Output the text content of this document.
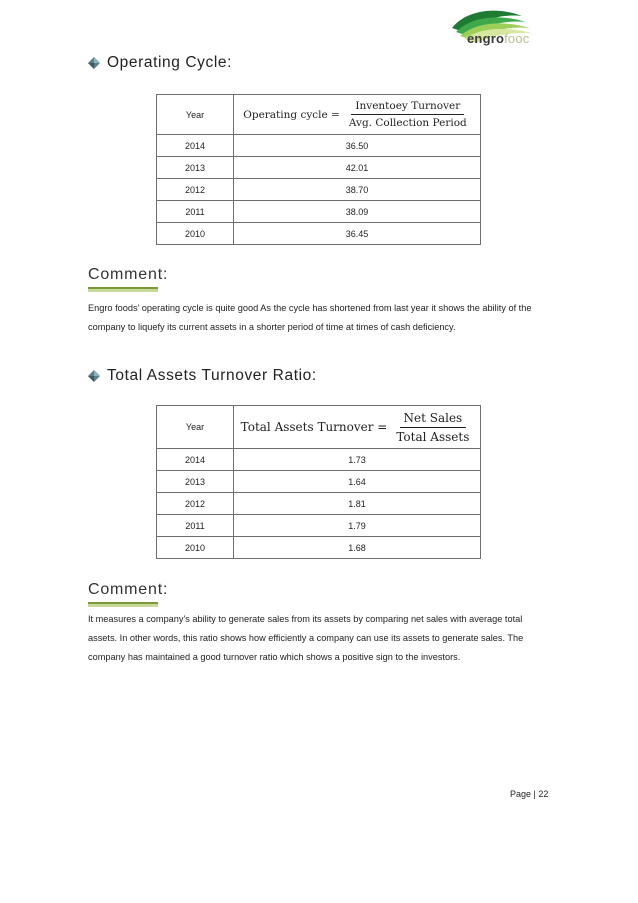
engrofooc
Operating Cycle:
Year	Operating cycle = $\frac{\text{Inventoey Turnover}}{\text{Avg. Collection Period}}$

2014	36.50
2013	42.01
2012	38.70
2011	38.09
2010	36.45
Comment:
Engro foods’ operating cycle is quite good As the cycle has shortened from last year it shows the ability of the company to liquefy its current assets in a shorter period of time at times of cash deficiency.
Total Assets Turnover Ratio:
Year	Total Assets Turnover = $\frac{\text{Net Sales}}{\text{Total Assets}}$

2014	1.73
2013	1.64
2012	1.81
2011	1.79
2010	1.68
Comment:
It measures a company's ability to generate sales from its assets by comparing net sales with average total assets. In other words, this ratio shows how efficiently a company can use its assets to generate sales. The company has maintained a good turnover ratio which shows a positive sign to the investors.
Page | 22
